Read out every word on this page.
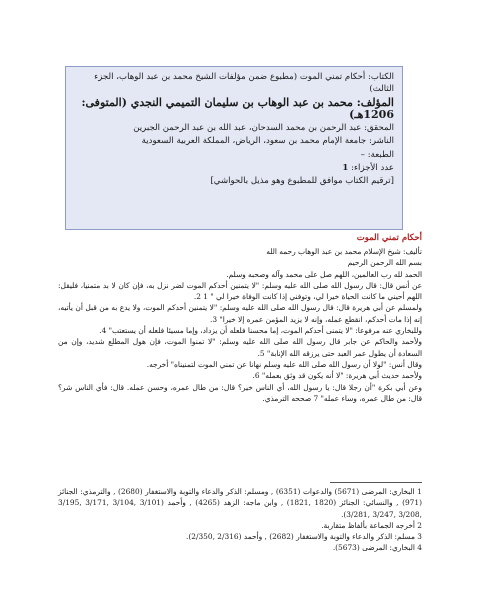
الكتاب: أحكام تمني الموت (مطبوع ضمن مؤلفات الشيخ محمد بن عبد الوهاب، الجزء الثالث)

المؤلف: محمد بن عبد الوهاب بن سليمان التميمي النجدي (المتوفى: 1206هـ)

المحقق: عبد الرحمن بن محمد السدحان، عبد الله بن عبد الرحمن الجبرين

الناشر: جامعة الإمام محمد بن سعود، الرياض، المملكة العربية السعودية

الطبعة: –

عدد الأجزاء: 1

[ترقيم الكتاب موافق للمطبوع وهو مذيل بالحواشي]

أحكام تمني الموت

تأليف: شيخ الإسلام محمد بن عبد الوهاب رحمه الله

بسم الله الرحمن الرحيم

الحمد لله رب العالمين، اللهم صل على محمد وآله وصحبه وسلم.

عن أنس قال: قال رسول الله صلى الله عليه وسلم: "لا يتمنين أحدكم الموت لضر نزل به، فإن كان لا بد متمنيا، فليقل: اللهم أحيني ما كانت الحياة خيرا لي، وتوفني إذا كانت الوفاة خيرا لي " 1 2.

ولمسلم عن أبي هريرة قال: قال رسول الله صلى الله عليه وسلم: "لا يتمنين أحدكم الموت، ولا يدع به من قبل أن يأتيه، إنه إذا مات أحدكم، انقطع عمله، وإنه لا يزيد المؤمن عمره إلا خيرا" 3.

وللبخاري عنه مرفوعا: "لا يتمنى أحدكم الموت، إما محسنا فلعله أن يزداد، وإما مسيئا فلعله أن يستعتب" 4.

ولأحمد والحاكم عن جابر قال رسول الله صلى الله عليه وسلم: "لا تمنوا الموت، فإن هول المطلع شديد، وإن من السعادة أن يطول عمر العبد حتى يرزقه الله الإنابة" 5.

وقال أنس: "لولا أن رسول الله صلى الله عليه وسلم نهانا عن تمني الموت لتمنيناه" أخرجه.

ولأحمد حديث أبي هريرة: "لا أنه يكون قد وثق بعمله" 6.

وعن أبي بكرة "أن رجلا قال: يا رسول الله، أي الناس خير؟ قال: من طال عمره، وحسن عمله. قال: فأي الناس شر؟ قال: من طال عمره، وساء عمله" 7 صححه الترمذي.

1 البخاري: المرضى (5671) والدعوات (6351) , ومسلم: الذكر والدعاء والتوبة والاستغفار (2680) , والترمذي: الجنائز (971) , والنسائي: الجنائز (1820 ,1821) , وابن ماجه: الزهد (4265) , وأحمد (3/101 ,3/104 ,3/171 ,3/195 ,3/208 ,3/247 ,3/281).

2 أخرجه الجماعة بألفاظ متقاربة.

3 مسلم: الذكر والدعاء والتوبة والاستغفار (2682) , وأحمد (2/316 ,2/350).

4 البخاري: المرضى (5673).
